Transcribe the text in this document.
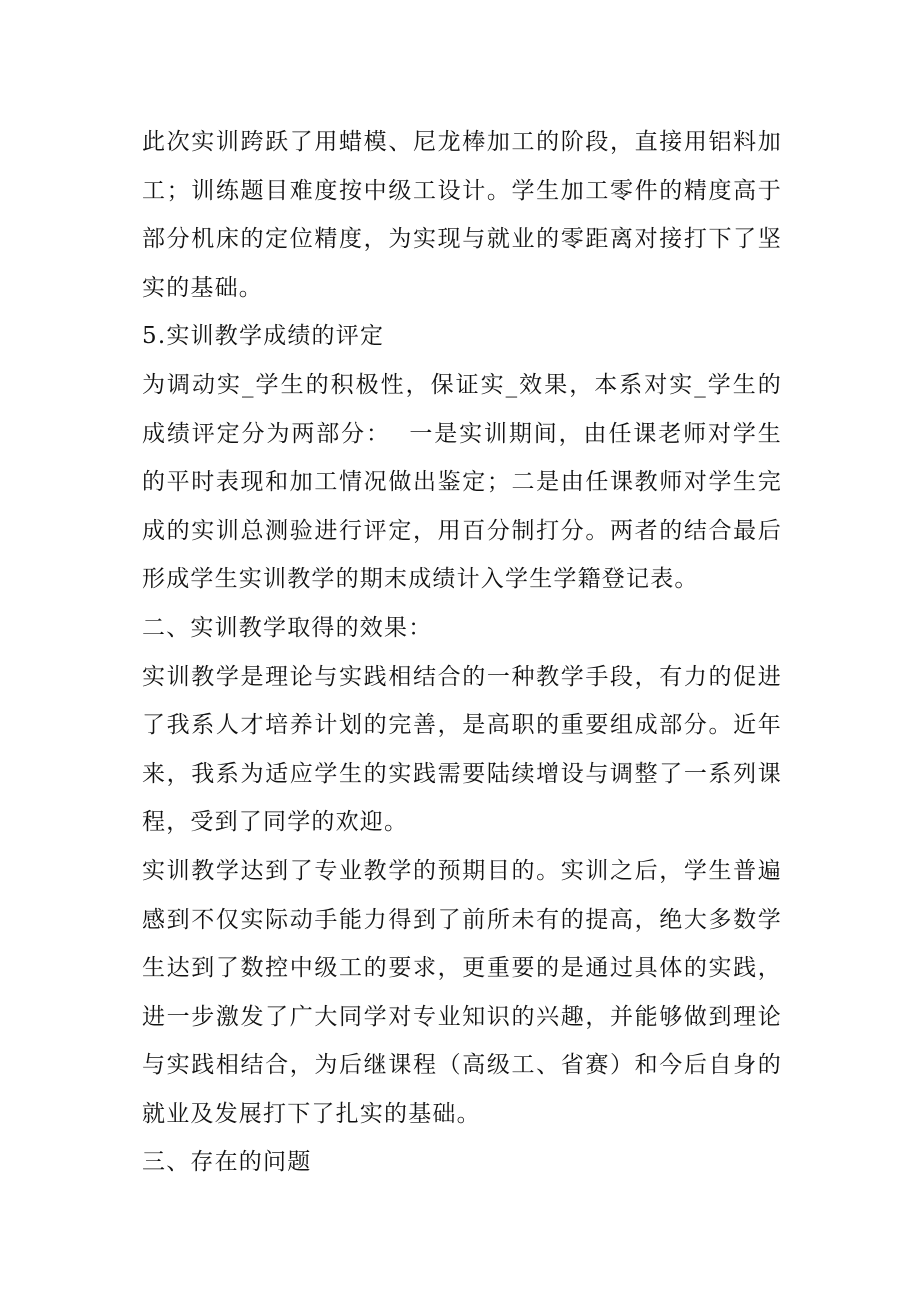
此次实训跨跃了用蜡模、尼龙棒加工的阶段，直接用铝料加
工；训练题目难度按中级工设计。学生加工零件的精度高于
部分机床的定位精度，为实现与就业的零距离对接打下了坚
实的基础。
5.实训教学成绩的评定
为调动实_学生的积极性，保证实_效果，本系对实_学生的
成绩评定分为两部分：  一是实训期间，由任课老师对学生
的平时表现和加工情况做出鉴定；二是由任课教师对学生完
成的实训总测验进行评定，用百分制打分。两者的结合最后
形成学生实训教学的期末成绩计入学生学籍登记表。
二、实训教学取得的效果：
实训教学是理论与实践相结合的一种教学手段，有力的促进
了我系人才培养计划的完善，是高职的重要组成部分。近年
来，我系为适应学生的实践需要陆续增设与调整了一系列课
程，受到了同学的欢迎。
实训教学达到了专业教学的预期目的。实训之后，学生普遍
感到不仅实际动手能力得到了前所未有的提高，绝大多数学
生达到了数控中级工的要求，更重要的是通过具体的实践，
进一步激发了广大同学对专业知识的兴趣，并能够做到理论
与实践相结合，为后继课程（高级工、省赛）和今后自身的
就业及发展打下了扎实的基础。
三、存在的问题
